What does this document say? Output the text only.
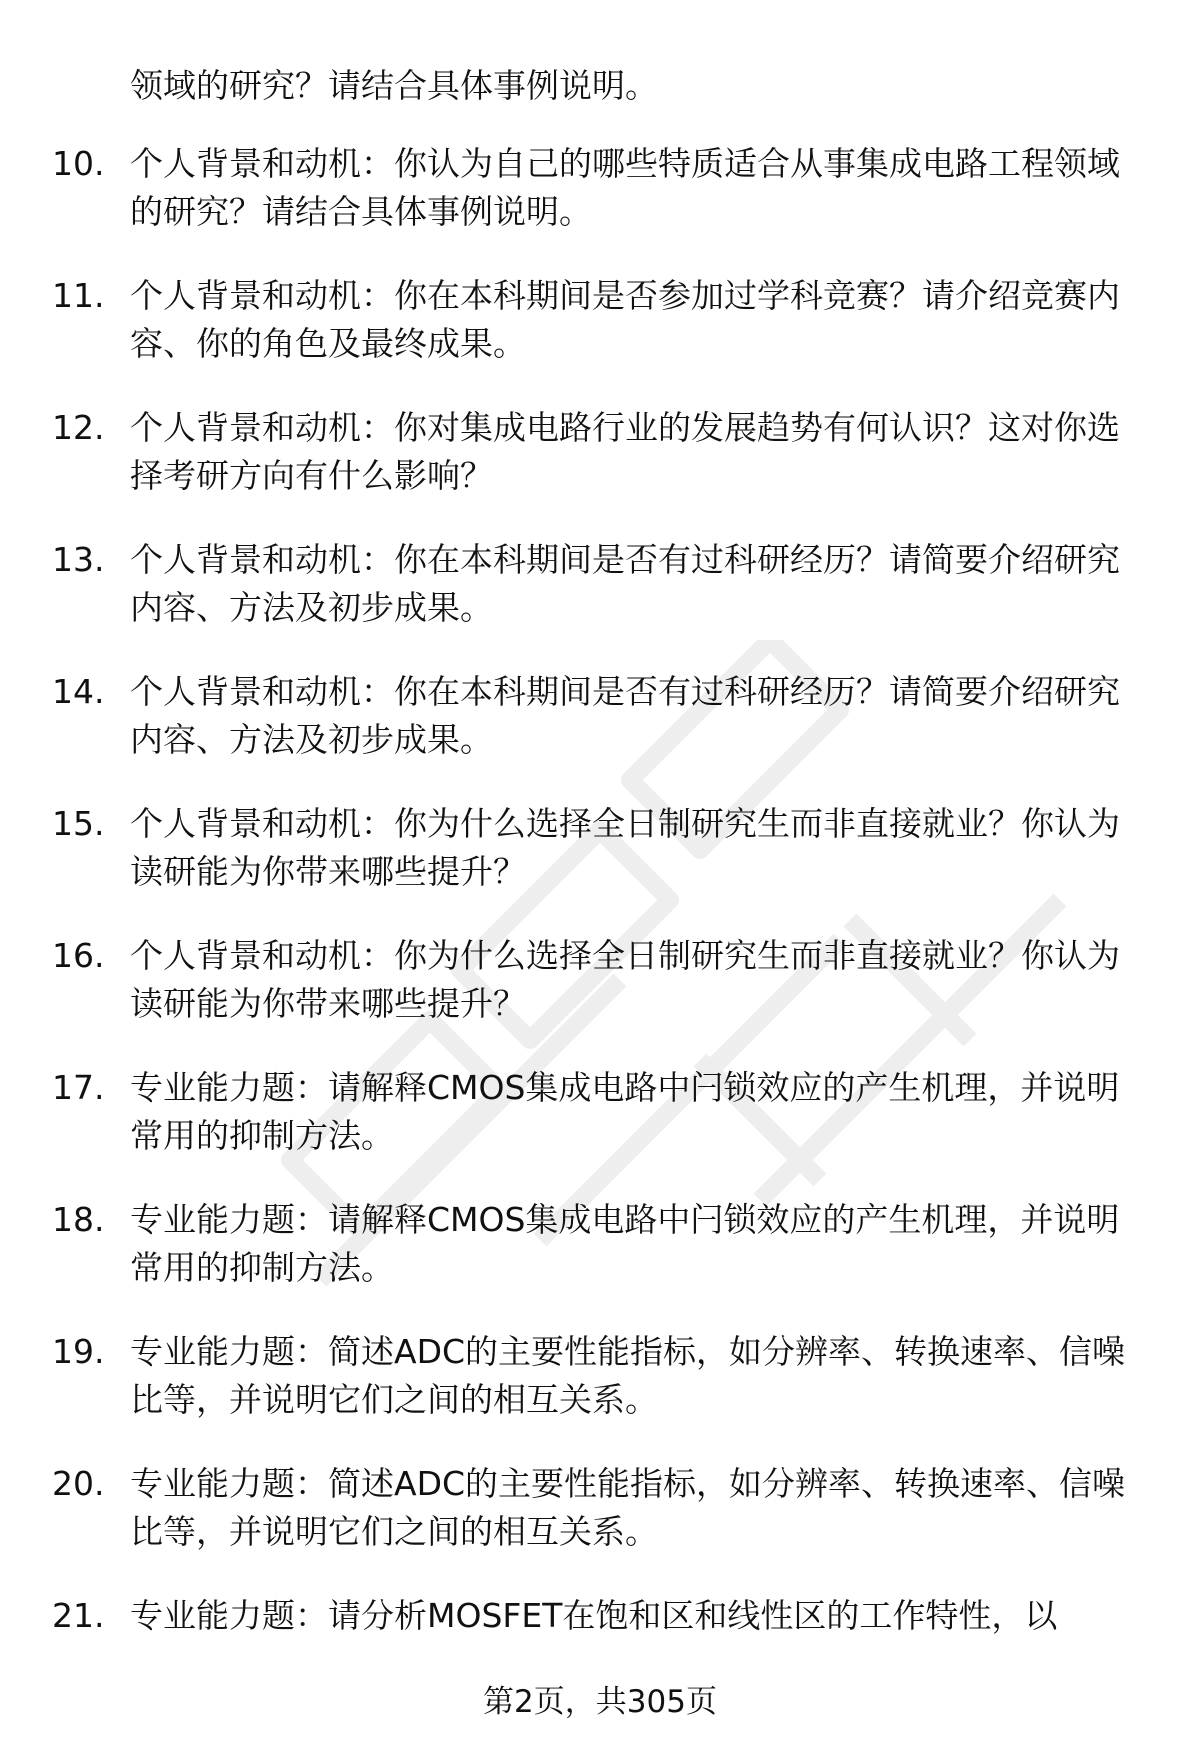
领域的研究？请结合具体事例说明。
10. 个人背景和动机：你认为自己的哪些特质适合从事集成电路工程领域的研究？请结合具体事例说明。
11. 个人背景和动机：你在本科期间是否参加过学科竞赛？请介绍竞赛内容、你的角色及最终成果。
12. 个人背景和动机：你对集成电路行业的发展趋势有何认识？这对你选择考研方向有什么影响？
13. 个人背景和动机：你在本科期间是否有过科研经历？请简要介绍研究内容、方法及初步成果。
14. 个人背景和动机：你在本科期间是否有过科研经历？请简要介绍研究内容、方法及初步成果。
15. 个人背景和动机：你为什么选择全日制研究生而非直接就业？你认为读研能为你带来哪些提升？
16. 个人背景和动机：你为什么选择全日制研究生而非直接就业？你认为读研能为你带来哪些提升？
17. 专业能力题：请解释CMOS集成电路中闩锁效应的产生机理，并说明常用的抑制方法。
18. 专业能力题：请解释CMOS集成电路中闩锁效应的产生机理，并说明常用的抑制方法。
19. 专业能力题：简述ADC的主要性能指标，如分辨率、转换速率、信噪比等，并说明它们之间的相互关系。
20. 专业能力题：简述ADC的主要性能指标，如分辨率、转换速率、信噪比等，并说明它们之间的相互关系。
21. 专业能力题：请分析MOSFET在饱和区和线性区的工作特性，以
第2页，共305页
